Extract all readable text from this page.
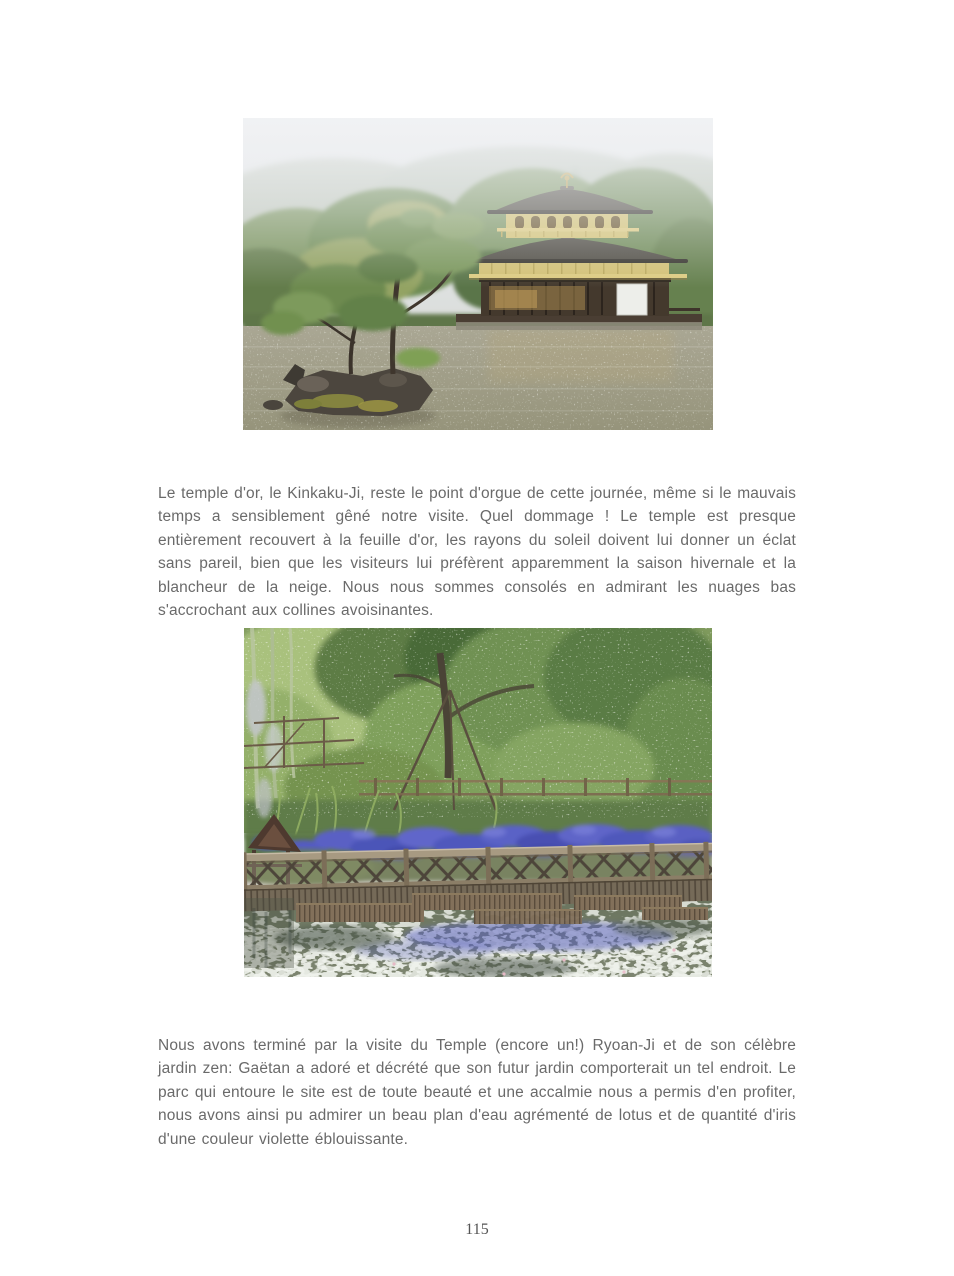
Le temple d'or, le Kinkaku-Ji, reste le point d'orgue de cette journée, même si le mauvais temps a sensiblement gêné notre visite. Quel dommage ! Le temple est presque entièrement recouvert à la feuille d'or, les rayons du soleil doivent lui donner un éclat sans pareil, bien que les visiteurs lui préfèrent apparemment la saison hivernale et la blancheur de la neige. Nous nous sommes consolés en admirant les nuages bas s'accrochant aux collines avoisinantes.

Nous avons terminé par la visite du Temple (encore un!) Ryoan-Ji et de son célèbre jardin zen: Gaëtan a adoré et décrété que son futur jardin comporterait un tel endroit. Le parc qui entoure le site est de toute beauté et une accalmie nous a permis d'en profiter, nous avons ainsi pu admirer un beau plan d'eau agrémenté de lotus et de quantité d'iris d'une couleur violette éblouissante.

115
